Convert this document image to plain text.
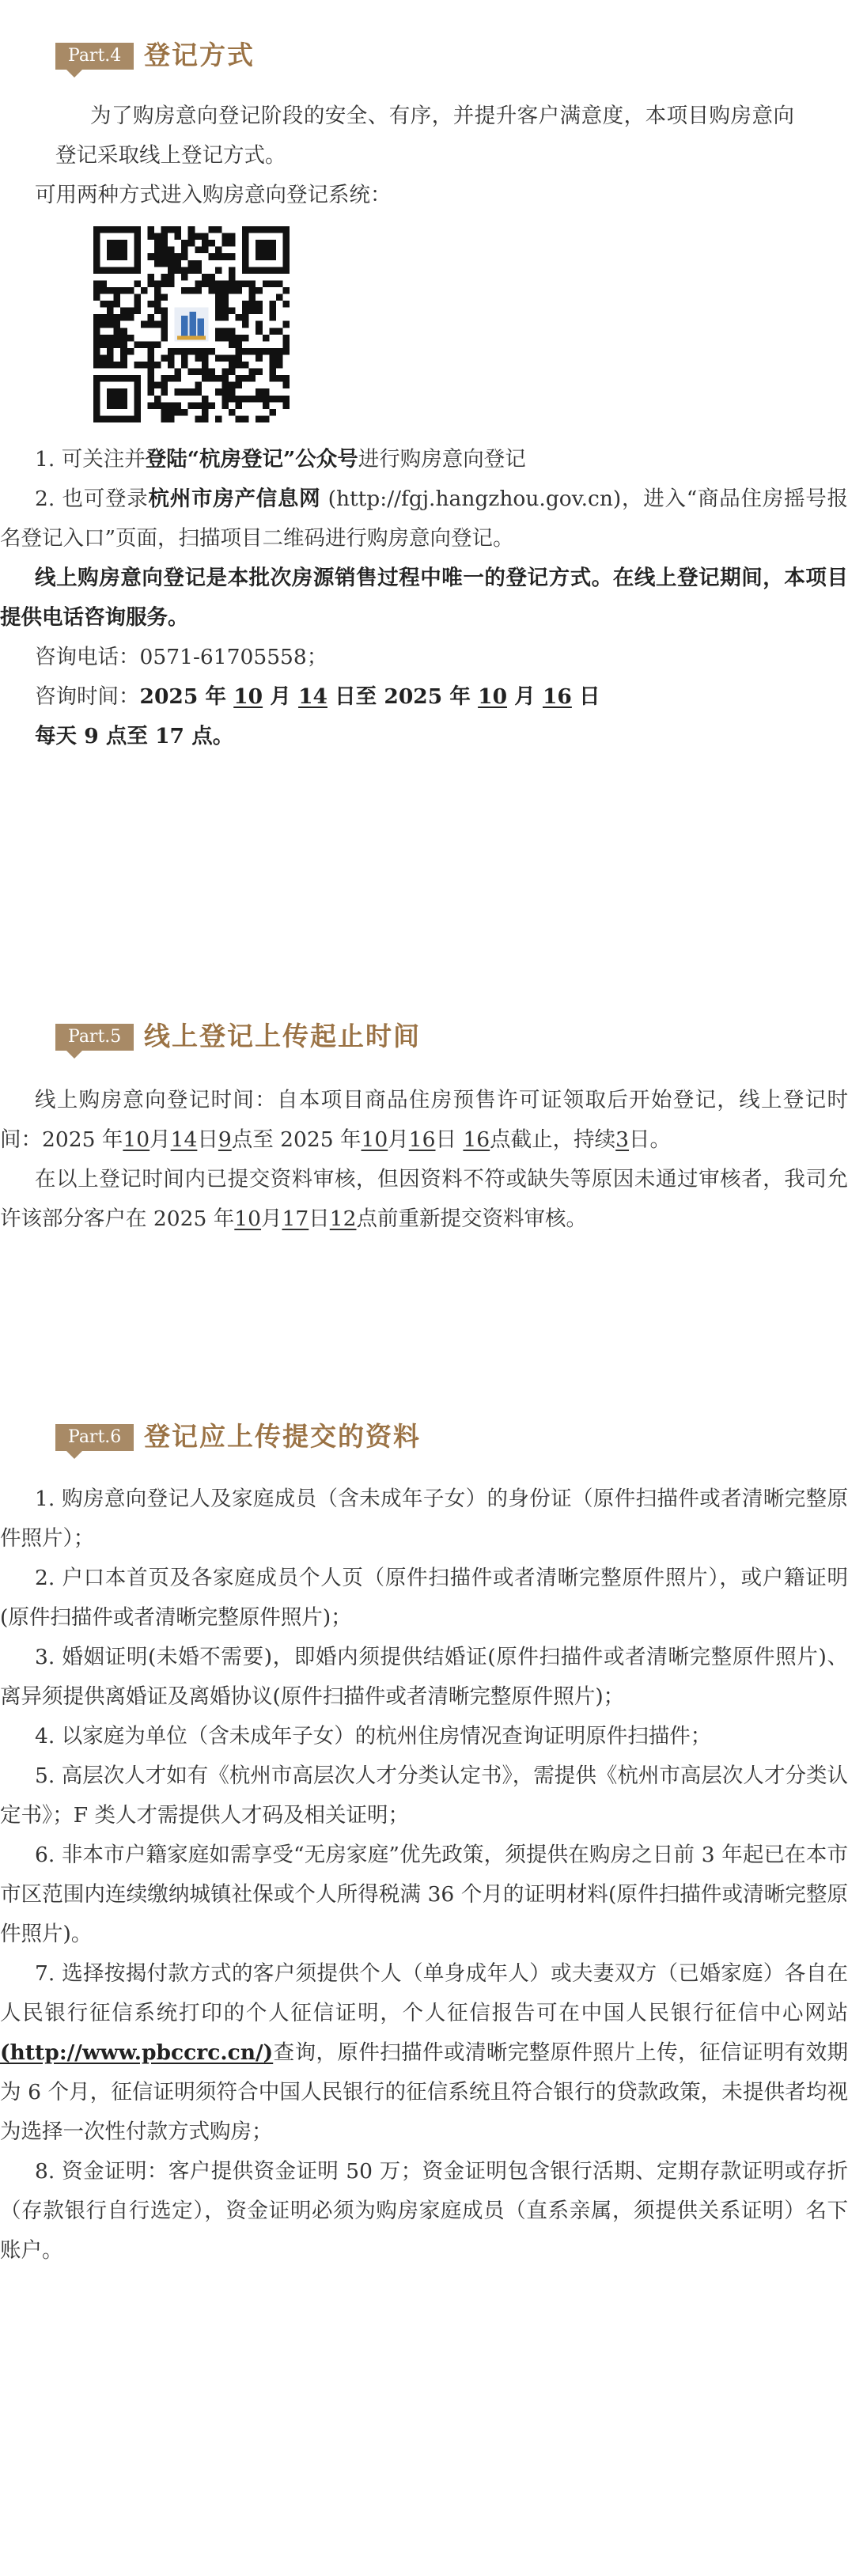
Part.4 登记方式

为了购房意向登记阶段的安全、有序，并提升客户满意度，本项目购房意向登记采取线上登记方式。

可用两种方式进入购房意向登记系统：

1. 可关注并登陆“杭房登记”公众号进行购房意向登记

2. 也可登录杭州市房产信息网 (http://fgj.hangzhou.gov.cn)，进入“商品住房摇号报名登记入口”页面，扫描项目二维码进行购房意向登记。

线上购房意向登记是本批次房源销售过程中唯一的登记方式。在线上登记期间，本项目提供电话咨询服务。

咨询电话：0571-61705558；

咨询时间：2025 年 10 月 14 日至 2025 年 10 月 16 日

每天 9 点至 17 点。

Part.5 线上登记上传起止时间

线上购房意向登记时间：自本项目商品住房预售许可证领取后开始登记，线上登记时间：2025 年10月14日9点至 2025 年10月16日 16点截止，持续3日。

在以上登记时间内已提交资料审核，但因资料不符或缺失等原因未通过审核者，我司允许该部分客户在 2025 年10月17日12点前重新提交资料审核。

Part.6 登记应上传提交的资料

1. 购房意向登记人及家庭成员（含未成年子女）的身份证（原件扫描件或者清晰完整原件照片）；

2. 户口本首页及各家庭成员个人页（原件扫描件或者清晰完整原件照片），或户籍证明(原件扫描件或者清晰完整原件照片)；

3. 婚姻证明(未婚不需要)，即婚内须提供结婚证(原件扫描件或者清晰完整原件照片)、离异须提供离婚证及离婚协议(原件扫描件或者清晰完整原件照片)；

4. 以家庭为单位（含未成年子女）的杭州住房情况查询证明原件扫描件；

5. 高层次人才如有《杭州市高层次人才分类认定书》，需提供《杭州市高层次人才分类认定书》；F 类人才需提供人才码及相关证明；

6. 非本市户籍家庭如需享受“无房家庭”优先政策，须提供在购房之日前 3 年起已在本市市区范围内连续缴纳城镇社保或个人所得税满 36 个月的证明材料(原件扫描件或清晰完整原件照片)。

7. 选择按揭付款方式的客户须提供个人（单身成年人）或夫妻双方（已婚家庭）各自在人民银行征信系统打印的个人征信证明，个人征信报告可在中国人民银行征信中心网站(http://www.pbccrc.cn/)查询，原件扫描件或清晰完整原件照片上传，征信证明有效期为 6 个月，征信证明须符合中国人民银行的征信系统且符合银行的贷款政策，未提供者均视为选择一次性付款方式购房；

8. 资金证明：客户提供资金证明 50 万；资金证明包含银行活期、定期存款证明或存折（存款银行自行选定），资金证明必须为购房家庭成员（直系亲属，须提供关系证明）名下账户。
